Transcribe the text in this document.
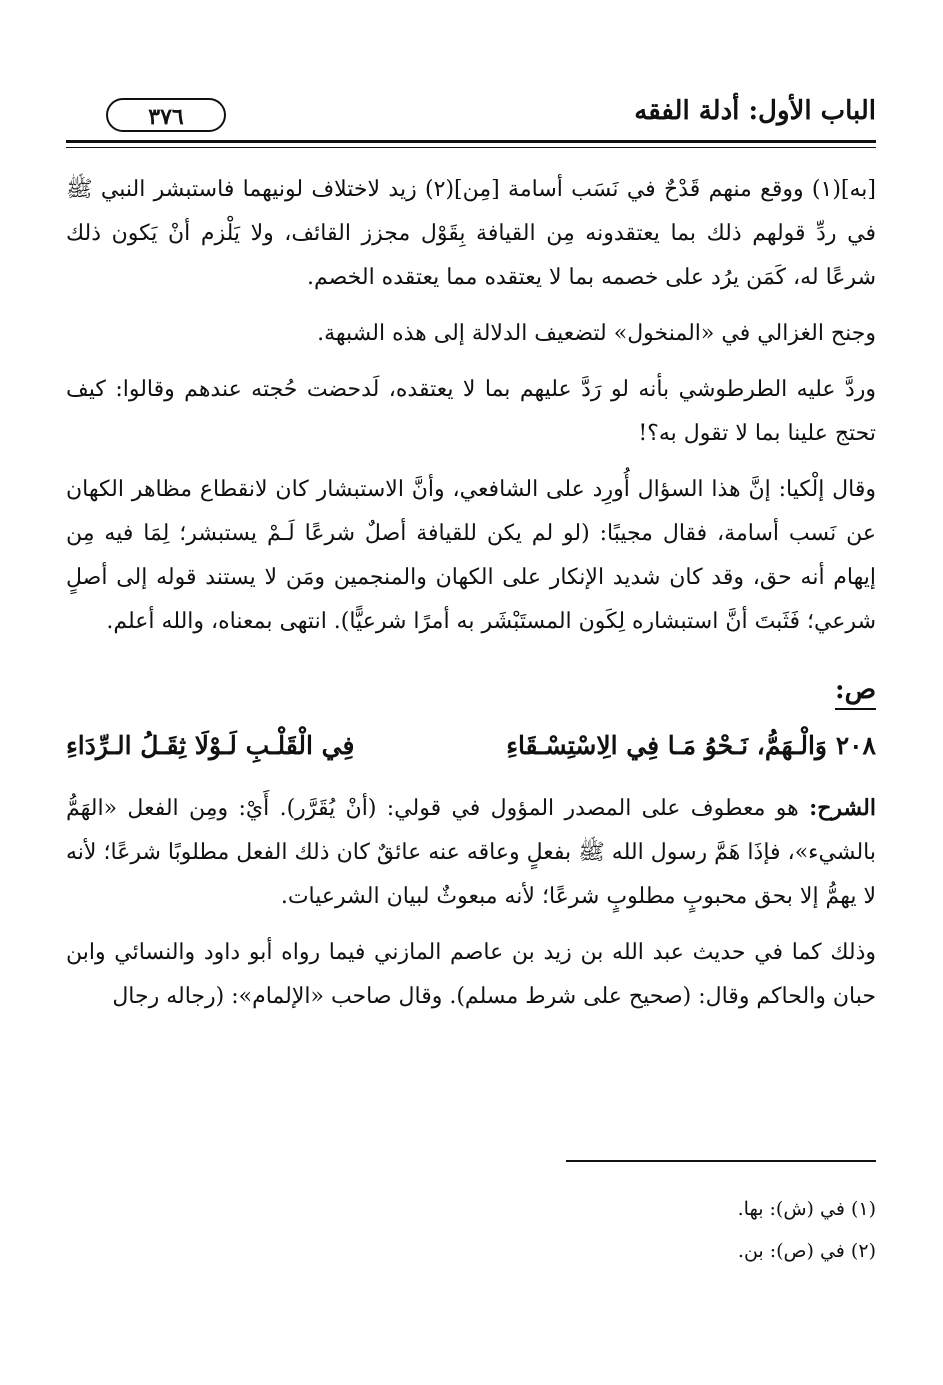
الباب الأول: أدلة الفقه
٣٧٦

[به](١) ووقع منهم قَدْحٌ في نَسَب أسامة [مِن](٢) زيد لاختلاف لونيهما فاستبشر النبي ﷺ في ردِّ قولهم ذلك بما يعتقدونه مِن القيافة بِقَوْل مجزز القائف، ولا يَلْزم أنْ يَكون ذلك شرعًا له، كَمَن يرُد على خصمه بما لا يعتقده مما يعتقده الخصم.

وجنح الغزالي في «المنخول» لتضعيف الدلالة إلى هذه الشبهة.

وردَّ عليه الطرطوشي بأنه لو رَدَّ عليهم بما لا يعتقده، لَدحضت حُجته عندهم وقالوا: كيف تحتج علينا بما لا تقول به؟!

وقال إلْكيا: إنَّ هذا السؤال أُورِد على الشافعي، وأنَّ الاستبشار كان لانقطاع مظاهر الكهان عن نَسب أسامة، فقال مجيبًا: (لو لم يكن للقيافة أصلٌ شرعًا لَـمْ يستبشر؛ لِمَا فيه مِن إيهام أنه حق، وقد كان شديد الإنكار على الكهان والمنجمين ومَن لا يستند قوله إلى أصلٍ شرعي؛ فَثَبتَ أنَّ استبشاره لِكَون المستَبْشَر به أمرًا شرعيًّا). انتهى بمعناه، والله أعلم.

ص:
٢٠٨ وَالْـهَمُّ، نَـحْوُ مَـا فِي الِاسْتِسْـقَاءِ
فِي الْقَلْـبِ لَـوْلَا ثِقَـلُ الـرِّدَاءِ

الشرح: هو معطوف على المصدر المؤول في قولي: (أنْ يُقَرَّر). أَيْ: ومِن الفعل «الهَمُّ بالشيء»، فإذَا هَمَّ رسول الله ﷺ بفعلٍ وعاقه عنه عائقٌ كان ذلك الفعل مطلوبًا شرعًا؛ لأنه لا يهمُّ إلا بحق محبوبٍ مطلوبٍ شرعًا؛ لأنه مبعوثٌ لبيان الشرعيات.

وذلك كما في حديث عبد الله بن زيد بن عاصم المازني فيما رواه أبو داود والنسائي وابن حبان والحاكم وقال: (صحيح على شرط مسلم). وقال صاحب «الإلمام»: (رجاله رجال

(١) في (ش): بها.

(٢) في (ص): بن.
